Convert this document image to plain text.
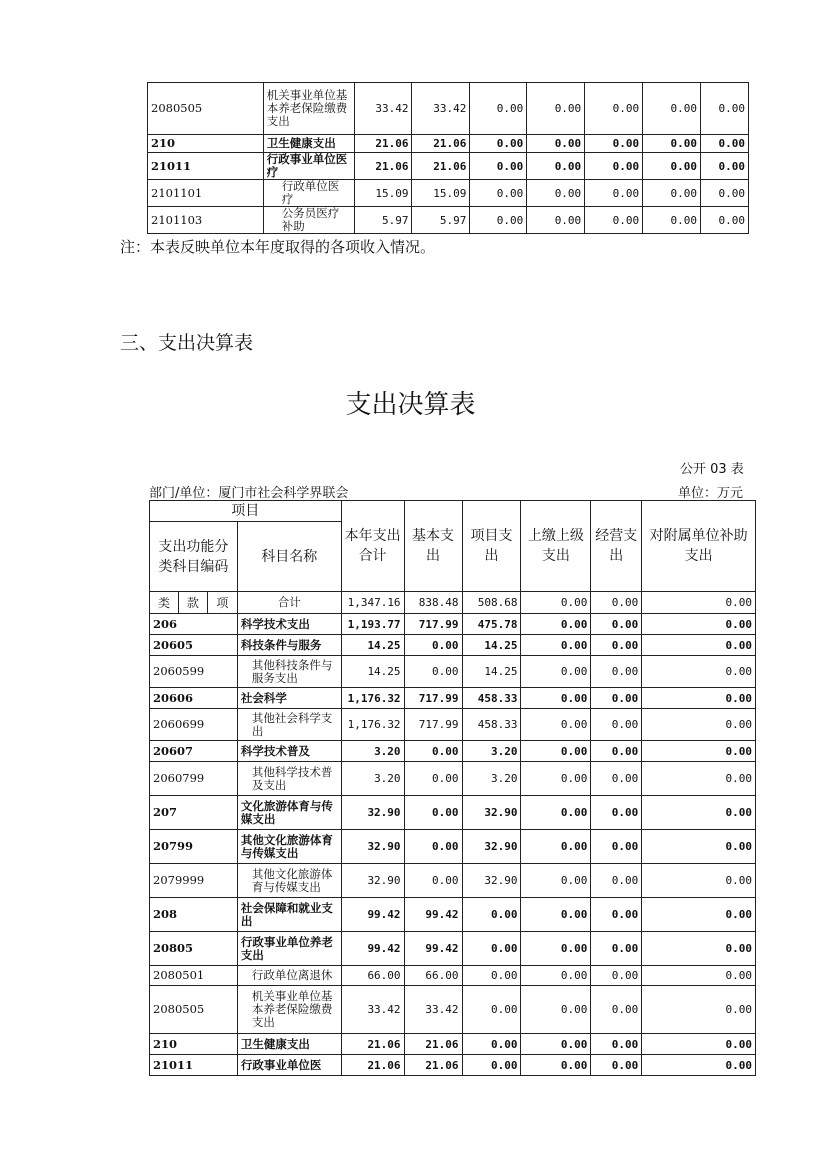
2080505	机关事业单位基本养老保险缴费支出	33.42	33.42	0.00	0.00	0.00	0.00	0.00
210	卫生健康支出	21.06	21.06	0.00	0.00	0.00	0.00	0.00
21011	行政事业单位医疗	21.06	21.06	0.00	0.00	0.00	0.00	0.00
2101101	行政单位医疗	15.09	15.09	0.00	0.00	0.00	0.00	0.00
2101103	公务员医疗补助	5.97	5.97	0.00	0.00	0.00	0.00	0.00
注：本表反映单位本年度取得的各项收入情况。
三、支出决算表
支出决算表
公开 03 表
部门/单位：厦门市社会科学界联会	单位：万元
项目				本年支出合计	基本支出	项目支出	上缴上级支出	经营支出	对附属单位补助支出
支出功能分类科目编码			科目名称						
类	款	项	合计	1,347.16	838.48	508.68	0.00	0.00	0.00
206			科学技术支出	1,193.77	717.99	475.78	0.00	0.00	0.00
20605			科技条件与服务	14.25	0.00	14.25	0.00	0.00	0.00
2060599			其他科技条件与服务支出	14.25	0.00	14.25	0.00	0.00	0.00
20606			社会科学	1,176.32	717.99	458.33	0.00	0.00	0.00
2060699			其他社会科学支出	1,176.32	717.99	458.33	0.00	0.00	0.00
20607			科学技术普及	3.20	0.00	3.20	0.00	0.00	0.00
2060799			其他科学技术普及支出	3.20	0.00	3.20	0.00	0.00	0.00
207			文化旅游体育与传媒支出	32.90	0.00	32.90	0.00	0.00	0.00
20799			其他文化旅游体育与传媒支出	32.90	0.00	32.90	0.00	0.00	0.00
2079999			其他文化旅游体育与传媒支出	32.90	0.00	32.90	0.00	0.00	0.00
208			社会保障和就业支出	99.42	99.42	0.00	0.00	0.00	0.00
20805			行政事业单位养老支出	99.42	99.42	0.00	0.00	0.00	0.00
2080501			行政单位离退休	66.00	66.00	0.00	0.00	0.00	0.00
2080505			机关事业单位基本养老保险缴费支出	33.42	33.42	0.00	0.00	0.00	0.00
210			卫生健康支出	21.06	21.06	0.00	0.00	0.00	0.00
21011			行政事业单位医	21.06	21.06	0.00	0.00	0.00	0.00
